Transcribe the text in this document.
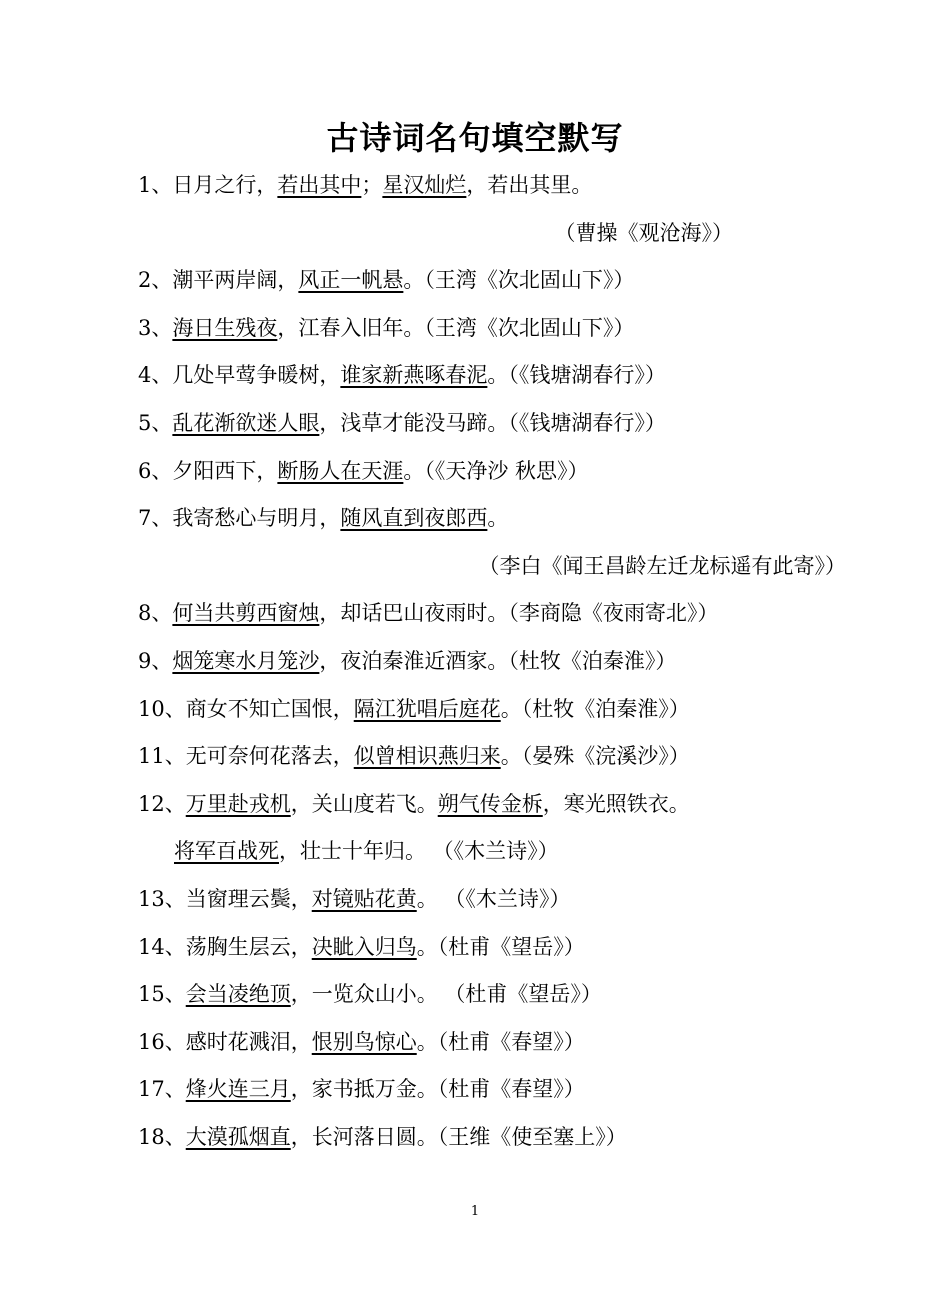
古诗词名句填空默写
1、日月之行，若出其中；星汉灿烂，若出其里。
（曹操《观沧海》）
2、潮平两岸阔，风正一帆悬。（王湾《次北固山下》）
3、海日生残夜，江春入旧年。（王湾《次北固山下》）
4、几处早莺争暖树，谁家新燕啄春泥。（《钱塘湖春行》）
5、乱花渐欲迷人眼，浅草才能没马蹄。（《钱塘湖春行》）
6、夕阳西下，断肠人在天涯。（《天净沙 秋思》）
7、我寄愁心与明月，随风直到夜郎西。
（李白《闻王昌龄左迁龙标遥有此寄》）
8、何当共剪西窗烛，却话巴山夜雨时。（李商隐《夜雨寄北》）
9、烟笼寒水月笼沙，夜泊秦淮近酒家。（杜牧《泊秦淮》）
10、商女不知亡国恨，隔江犹唱后庭花。（杜牧《泊秦淮》）
11、无可奈何花落去，似曾相识燕归来。（晏殊《浣溪沙》）
12、万里赴戎机，关山度若飞。朔气传金柝，寒光照铁衣。
将军百战死，壮士十年归。 （《木兰诗》）
13、当窗理云鬓，对镜贴花黄。 （《木兰诗》）
14、荡胸生层云，决眦入归鸟。（杜甫《望岳》）
15、会当凌绝顶，一览众山小。 （杜甫《望岳》）
16、感时花溅泪，恨别鸟惊心。（杜甫《春望》）
17、烽火连三月，家书抵万金。（杜甫《春望》）
18、大漠孤烟直，长河落日圆。（王维《使至塞上》）
1
